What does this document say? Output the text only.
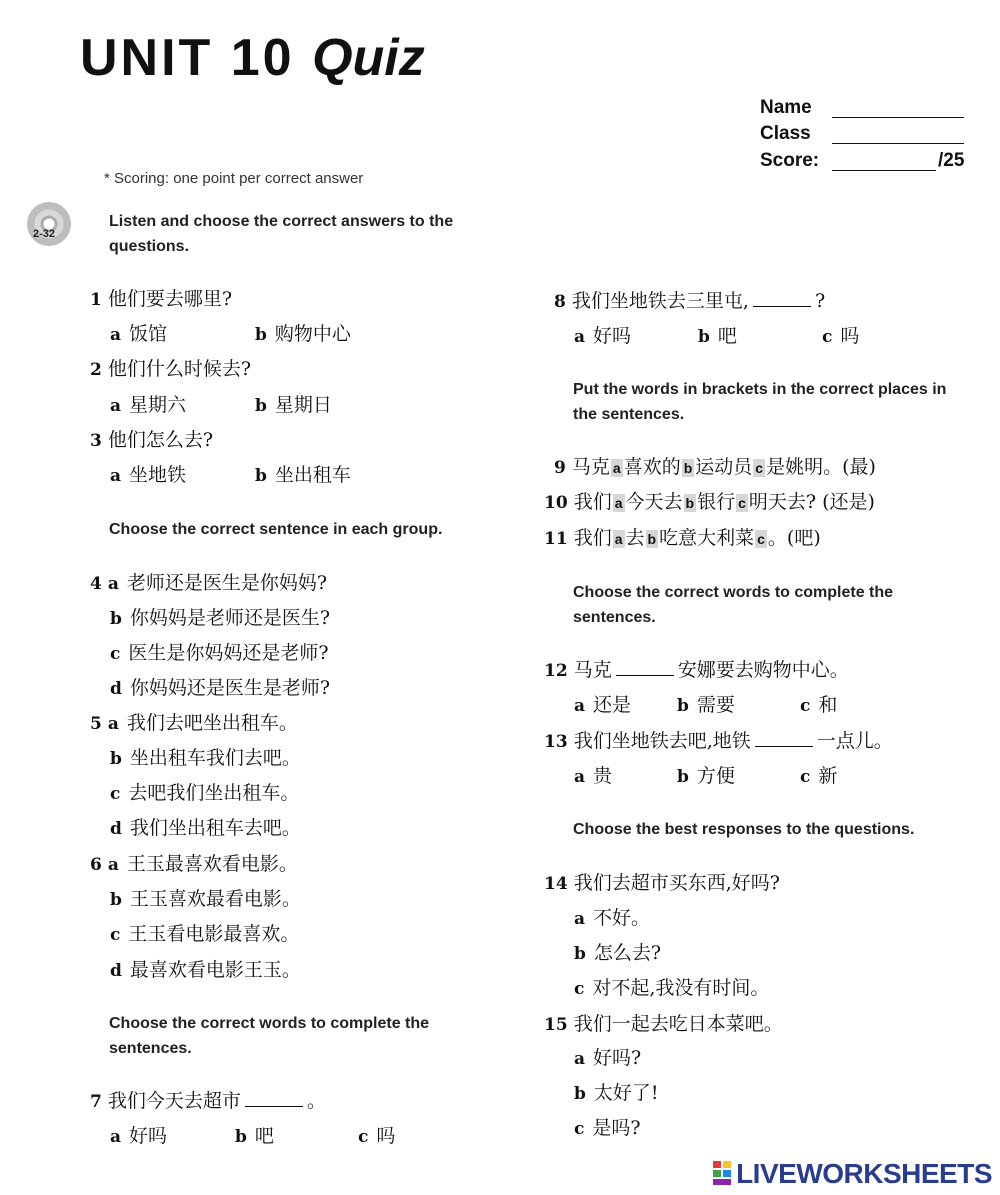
UNIT 10 Quiz
Name
Class
Score:	/25
* Scoring: one point per correct answer
2-32
Listen and choose the correct answers to the questions.
1 他们要去哪里?
a 饭馆	b 购物中心
2 他们什么时候去?
a 星期六	b 星期日
3 他们怎么去?
a 坐地铁	b 坐出租车
Choose the correct sentence in each group.
4 a 老师还是医生是你妈妈?
b 你妈妈是老师还是医生?
c 医生是你妈妈还是老师?
d 你妈妈还是医生是老师?
5 a 我们去吧坐出租车。
b 坐出租车我们去吧。
c 去吧我们坐出租车。
d 我们坐出租车去吧。
6 a 王玉最喜欢看电影。
b 王玉喜欢最看电影。
c 王玉看电影最喜欢。
d 最喜欢看电影王玉。
Choose the correct words to complete the sentences.
7 我们今天去超市	。
a 好吗	b 吧	c 吗
8 我们坐地铁去三里屯,	?
a 好吗	b 吧	c 吗
Put the words in brackets in the correct places in the sentences.
9 马克 a 喜欢的 b 运动员 c 是姚明。(最)
10 我们 a 今天去 b 银行 c 明天去? (还是)
11 我们 a 去 b 吃意大利菜 c 。(吧)
Choose the correct words to complete the sentences.
12 马克	安娜要去购物中心。
a 还是	b 需要	c 和
13 我们坐地铁去吧,地铁	一点儿。
a 贵	b 方便	c 新
Choose the best responses to the questions.
14 我们去超市买东西,好吗?
a 不好。
b 怎么去?
c 对不起,我没有时间。
15 我们一起去吃日本菜吧。
a 好吗?
b 太好了!
c 是吗?
LIVEWORKSHEETS
